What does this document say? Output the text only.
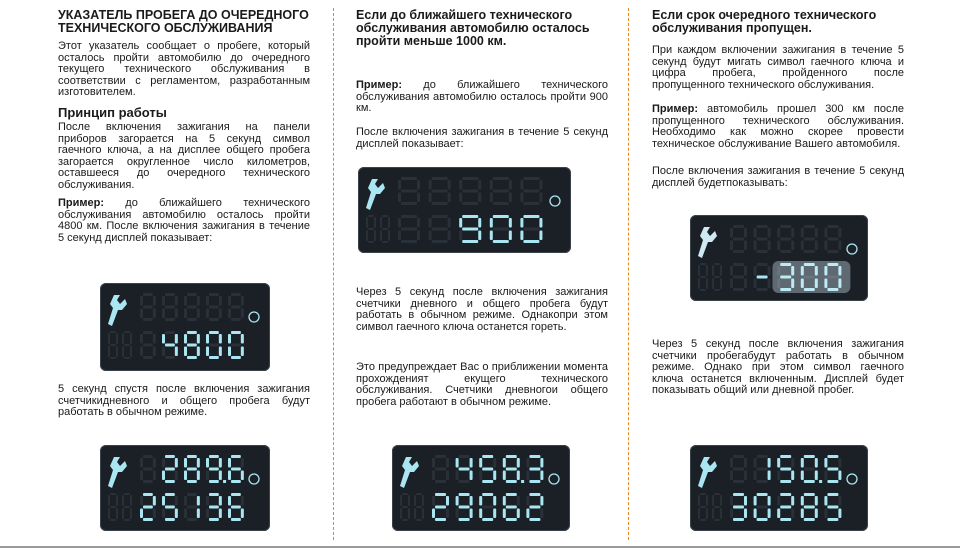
УКАЗАТЕЛЬ ПРОБЕГА ДО ОЧЕРЕДНОГО

ТЕХНИЧЕСКОГО ОБСЛУЖИВАНИЯ

Этот указатель сообщает о пробеге, который осталось пройти автомобилю до очередного текущего технического обслуживания в соответствии с регламентом, разработанным изготовителем.

Принцип работы

После включения зажигания на панели приборов загорается на 5 секунд символ гаечного ключа, а на дисплее общего пробега загорается округленное число километров, оставшееся до очередного технического обслуживания.

Пример: до ближайшего технического обслуживания автомобилю осталось пройти 4800 км. После включения зажигания в течение 5 секунд дисплей показывает:

5 секунд спустя после включения зажигания счетчикидневного и общего пробега будут работать в обычном режиме.

Если до ближайшего технического обслуживания автомобилю осталось пройти меньше 1000 км.

Пример: до ближайшего технического обслуживания автомобилю осталось пройти 900 км.

После включения зажигания в течение 5 секунд дисплей показывает:

Через 5 секунд после включения зажигания счетчики дневного и общего пробега будут работать в обычном режиме. Однакопри этом символ гаечного ключа останется гореть.

Это предупреждает Вас о приближении момента прохожденият екущего технического обслуживания. Счетчики дневногои общего пробега работают в обычном режиме.

Если срок очередного технического обслуживания пропущен.

При каждом включении зажигания в течение 5 секунд будут мигать символ гаечного ключа и цифра пробега, пройденного после пропущенного технического обслуживания.

Пример: автомобиль прошел 300 км после пропущенного технического обслуживания. Необходимо как можно скорее провести техническое обслуживание Вашего автомобиля.

После включения зажигания в течение 5 секунд дисплей будетпоказывать:

Через 5 секунд после включения зажигания счетчики пробегабудут работать в обычном режиме. Однако при этом символ гаечного ключа останется включенным. Дисплей будет показывать общий или дневной пробег.
